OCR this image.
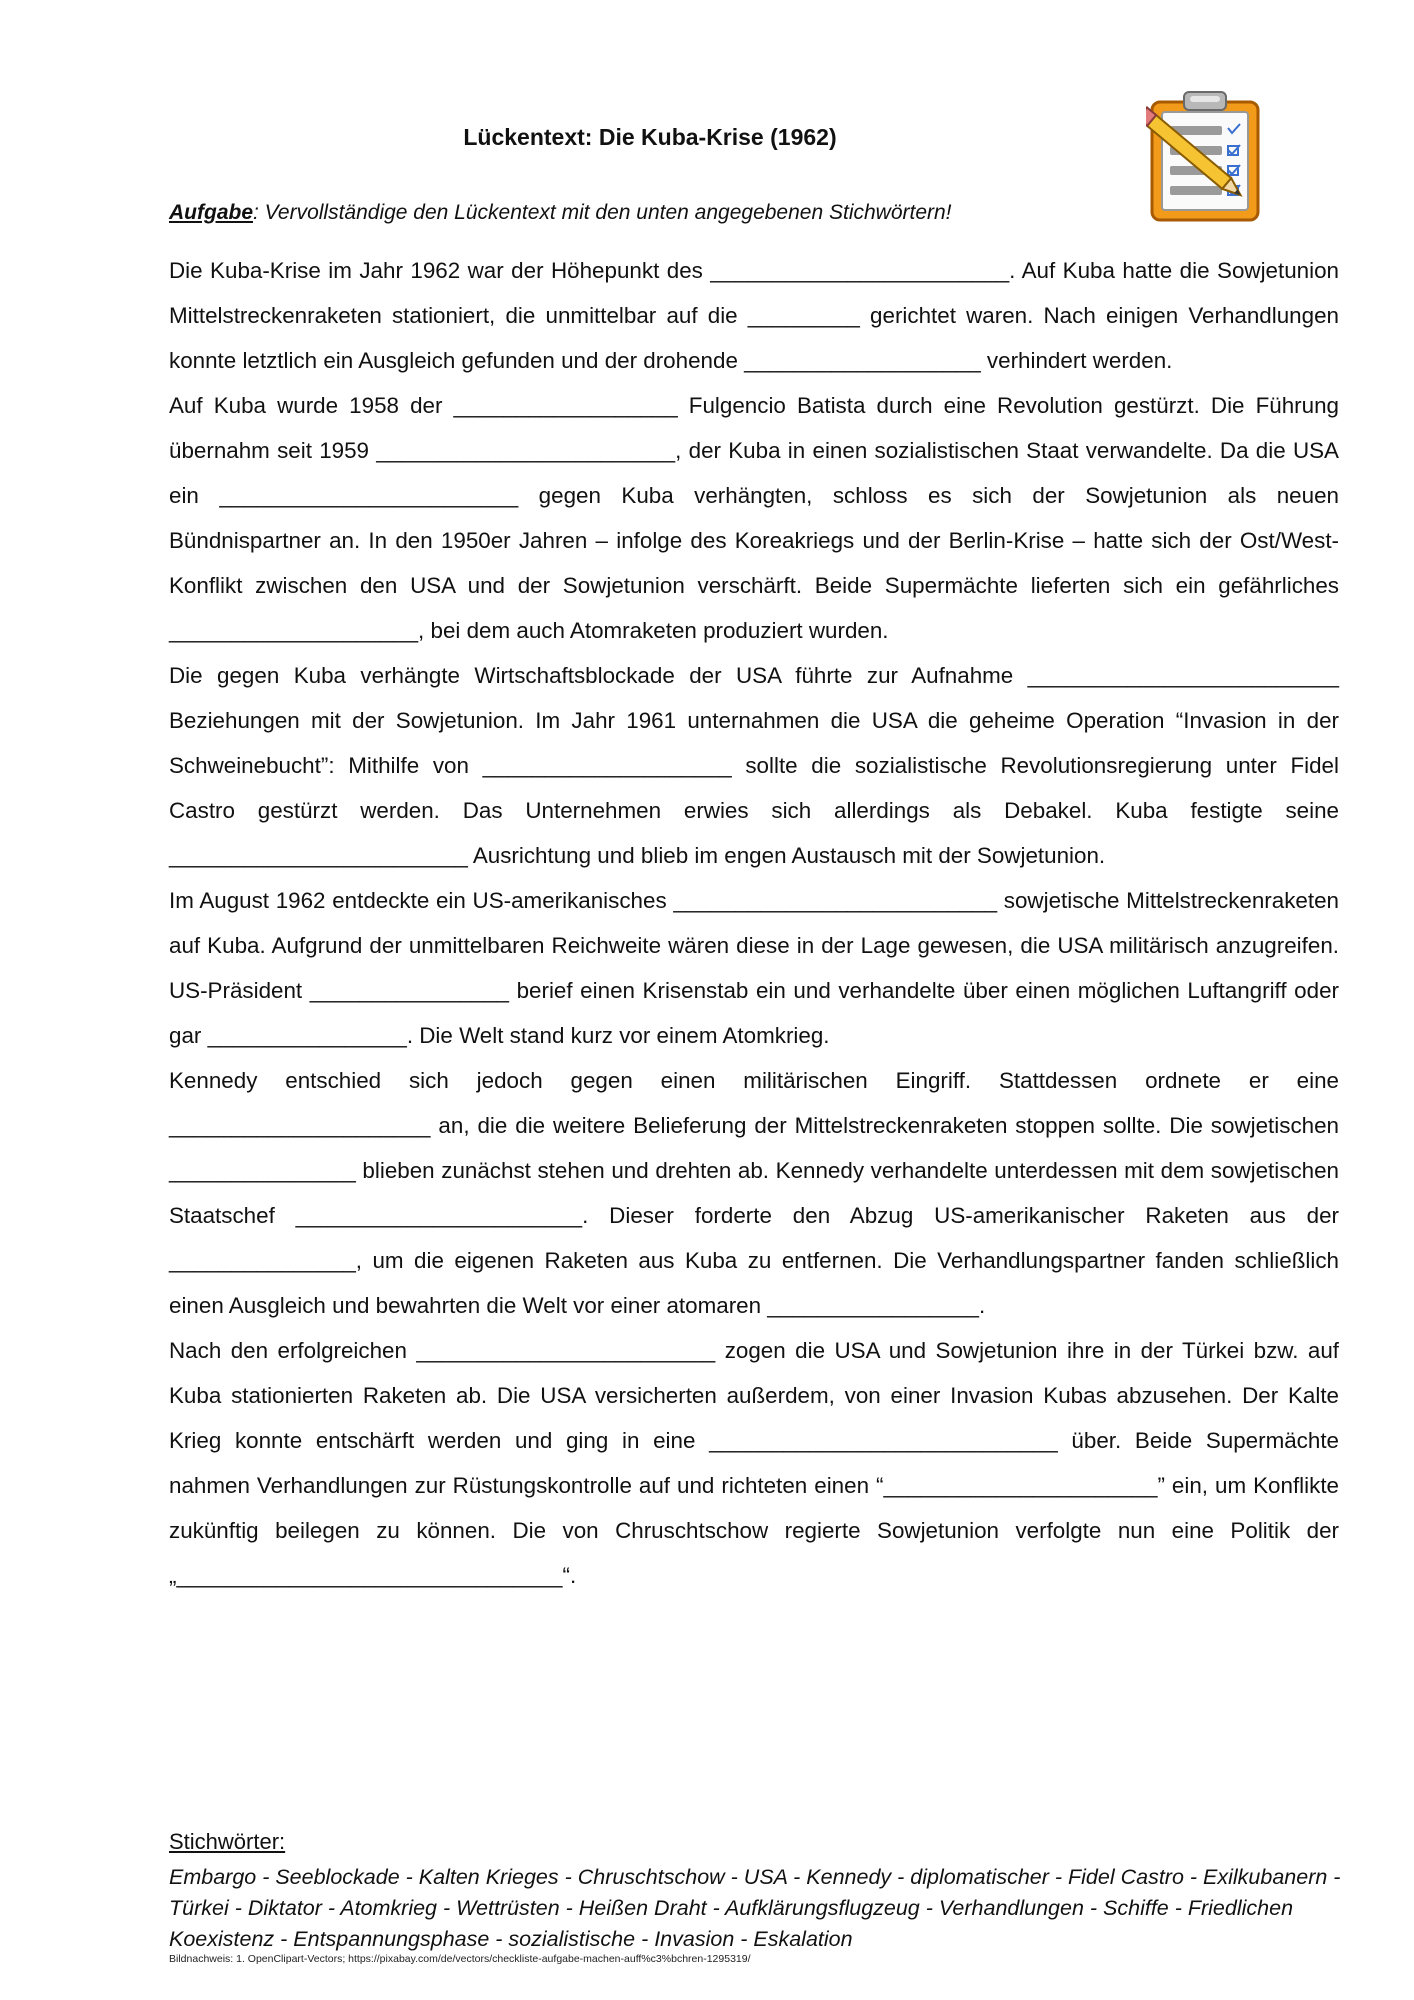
Lückentext: Die Kuba-Krise (1962)
Aufgabe: Vervollständige den Lückentext mit den unten angegebenen Stichwörtern!

Die Kuba-Krise im Jahr 1962 war der Höhepunkt des ________________________. Auf Kuba hatte die Sowjetunion Mittelstreckenraketen stationiert, die unmittelbar auf die _________ gerichtet waren. Nach einigen Verhandlungen konnte letztlich ein Ausgleich gefunden und der drohende ___________________ verhindert werden.

Auf Kuba wurde 1958 der __________________ Fulgencio Batista durch eine Revolution gestürzt. Die Führung übernahm seit 1959 ________________________, der Kuba in einen sozialistischen Staat verwandelte. Da die USA ein ________________________ gegen Kuba verhängten, schloss es sich der Sowjetunion als neuen Bündnispartner an. In den 1950er Jahren – infolge des Koreakriegs und der Berlin-Krise – hatte sich der Ost/West-Konflikt zwischen den USA und der Sowjetunion verschärft. Beide Supermächte lieferten sich ein gefährliches ____________________, bei dem auch Atomraketen produziert wurden.

Die gegen Kuba verhängte Wirtschaftsblockade der USA führte zur Aufnahme _________________________ Beziehungen mit der Sowjetunion. Im Jahr 1961 unternahmen die USA die geheime Operation “Invasion in der Schweinebucht”: Mithilfe von ____________________ sollte die sozialistische Revolutionsregierung unter Fidel Castro gestürzt werden. Das Unternehmen erwies sich allerdings als Debakel. Kuba festigte seine ________________________ Ausrichtung und blieb im engen Austausch mit der Sowjetunion.

Im August 1962 entdeckte ein US-amerikanisches __________________________ sowjetische Mittelstreckenraketen auf Kuba. Aufgrund der unmittelbaren Reichweite wären diese in der Lage gewesen, die USA militärisch anzugreifen. US-Präsident ________________ berief einen Krisenstab ein und verhandelte über einen möglichen Luftangriff oder gar ________________. Die Welt stand kurz vor einem Atomkrieg.

Kennedy entschied sich jedoch gegen einen militärischen Eingriff. Stattdessen ordnete er eine _____________________ an, die die weitere Belieferung der Mittelstreckenraketen stoppen sollte. Die sowjetischen _______________ blieben zunächst stehen und drehten ab. Kennedy verhandelte unterdessen mit dem sowjetischen Staatschef _______________________. Dieser forderte den Abzug US-amerikanischer Raketen aus der _______________, um die eigenen Raketen aus Kuba zu entfernen. Die Verhandlungspartner fanden schließlich einen Ausgleich und bewahrten die Welt vor einer atomaren _________________.

Nach den erfolgreichen ________________________ zogen die USA und Sowjetunion ihre in der Türkei bzw. auf Kuba stationierten Raketen ab. Die USA versicherten außerdem, von einer Invasion Kubas abzusehen. Der Kalte Krieg konnte entschärft werden und ging in eine ____________________________ über. Beide Supermächte nahmen Verhandlungen zur Rüstungskontrolle auf und richteten einen “______________________” ein, um Konflikte zukünftig beilegen zu können. Die von Chruschtschow regierte Sowjetunion verfolgte nun eine Politik der „_______________________________“.

Stichwörter:
Embargo - Seeblockade - Kalten Krieges - Chruschtschow - USA - Kennedy - diplomatischer - Fidel Castro - Exilkubanern - Türkei - Diktator - Atomkrieg - Wettrüsten - Heißen Draht - Aufklärungsflugzeug - Verhandlungen - Schiffe - Friedlichen Koexistenz - Entspannungsphase - sozialistische - Invasion - Eskalation
Bildnachweis: 1. OpenClipart-Vectors; https://pixabay.com/de/vectors/checkliste-aufgabe-machen-auff%c3%bchren-1295319/
